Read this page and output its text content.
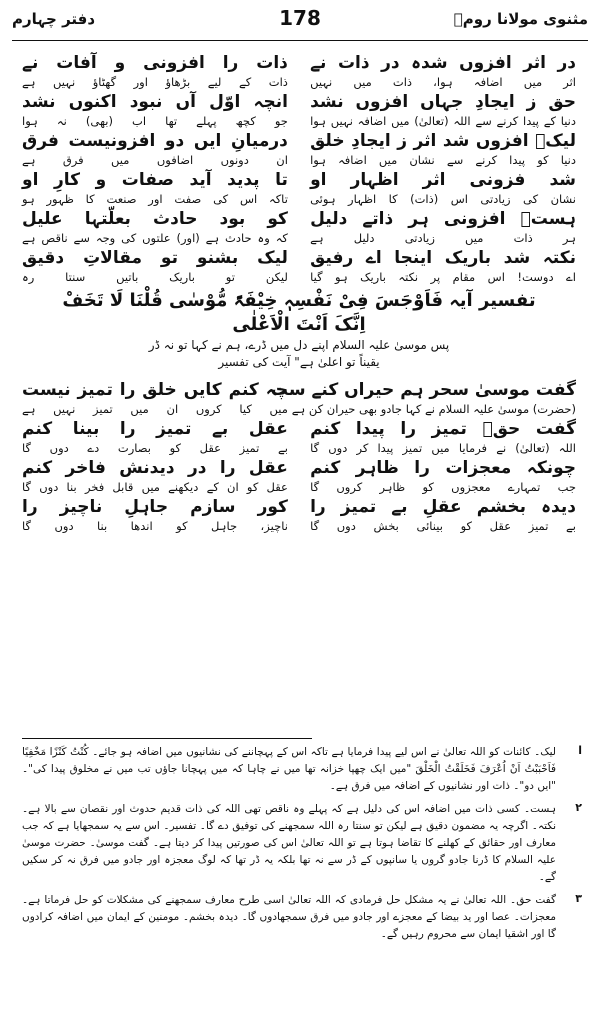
مثنوی مولانا رومؒ
178
دفتر چہارم
در اثر افزوں شدہ در ذات نے
اثر میں اضافہ ہوا، ذات میں نہیں
ذات را افزونی و آفات نے
ذات کے لیے بڑھاؤ اور گھٹاؤ نہیں ہے
حق ز ایجادِ جہاں افزوں نشد
دنیا کے پیدا کرنے سے اللہ (تعالیٰ) میں اضافہ نہیں ہوا
انچہ اوّل آں نبود اکنوں نشد
جو کچھ پہلے تھا اب (بھی) نہ ہوا
لیکؒ افزوں شد اثر ز ایجادِ خلق
دنیا کو پیدا کرنے سے نشان میں اضافہ ہوا
درمیانِ ایں دو افزونیست فرق
ان دونوں اضافوں میں فرق ہے
شد فزونی اثر اظہار او
نشان کی زیادتی اس (ذات) کا اظہار ہوئی
تا پدید آید صفات و کارِ او
تاکہ اس کی صفت اور صنعت کا ظہور ہو
ہستؒ افزونی ہر ذاتے دلیل
ہر ذات میں زیادتی دلیل ہے
کو بود حادث بعلّتہا علیل
کہ وہ حادث ہے (اور) علتوں کی وجہ سے ناقص ہے
نکتہ شد باریک اینجا اے رفیق
اے دوست! اس مقام پر نکتہ باریک ہو گیا
لیک بشنو تو مقالاتِ دقیق
لیکن تو باریک باتیں سنتا رہ
تفسیر آیہ فَاَوْجَسَ فِیْ نَفْسِہٖ خِیْفَۃً مُّوْسٰی قُلْنَا لَا تَخَفْ
اِنَّکَ اَنْتَ الْاَعْلٰی
پس موسیٰ علیہ السلام اپنے دل میں ڈرے، ہم نے کہا تو نہ ڈر
یقیناً تو اعلیٰ ہے" آیت کی تفسیر
گفت موسیٰ سحر ہم حیراں کنے ست
(حضرت) موسیٰ علیہ السلام نے کہا جادو بھی حیران کن ہے
چہ کنم کایں خلق را تمیز نیست
میں کیا کروں ان میں تمیز نہیں ہے
گفت حقؒ تمیز را پیدا کنم
اللہ (تعالیٰ) نے فرمایا میں تمیز پیدا کر دوں گا
عقل بے تمیز را بینا کنم
بے تمیز عقل کو بصارت دے دوں گا
چونکہ معجزات را ظاہر کنم
جب تمہارے معجزوں کو ظاہر کروں گا
عقل را در دیدنش فاخر کنم
عقل کو ان کے دیکھنے میں قابل فخر بنا دوں گا
دیدہ بخشم عقلِ بے تمیز را
بے تمیز عقل کو بینائی بخش دوں گا
کور سازم جاہلِ ناچیز را
ناچیز، جاہل کو اندھا بنا دوں گا
ا
لیک۔ کائنات کو اللہ تعالیٰ نے اس لیے پیدا فرمایا ہے تاکہ اس کے پہچاننے کی نشانیوں میں اضافہ ہو جائے۔ کُنْتُ کَنْزًا مَخْفِیًا فَاَحْبَبْتُ اَنْ اُعْرَفَ فَخَلَقْتُ الْخَلْقَ "میں ایک چھپا خزانہ تھا میں نے چاہا کہ میں پہچانا جاؤں تب میں نے مخلوق پیدا کی"۔ "ایں دو"۔ ذات اور نشانیوں کے اضافہ میں فرق ہے۔
۲
ہست۔ کسی ذات میں اضافہ اس کی دلیل ہے کہ پہلے وہ ناقص تھی اللہ کی ذات قدیم حدوث اور نقصان سے بالا ہے۔ نکتہ۔ اگرچہ یہ مضمون دقیق ہے لیکن تو سنتا رہ اللہ سمجھنے کی توفیق دے گا۔ تفسیر۔ اس سے یہ سمجھایا ہے کہ جب معارف اور حقائق کے کھلنے کا تقاضا ہوتا ہے تو اللہ تعالیٰ اس کی صورتیں پیدا کر دیتا ہے۔ گفت موسیٰ۔ حضرت موسیٰ علیہ السلام کا ڈرنا جادو گروں یا سانپوں کے ڈر سے نہ تھا بلکہ یہ ڈر تھا کہ لوگ معجزہ اور جادو میں فرق نہ کر سکیں گے۔
۳
گفت حق۔ اللہ تعالیٰ نے یہ مشکل حل فرمادی کہ اللہ تعالیٰ اسی طرح معارف سمجھنے کی مشکلات کو حل فرماتا ہے۔ معجزات۔ عصا اور ید بیضا کے معجزے اور جادو میں فرق سمجھادوں گا۔ دیدہ بخشم۔ مومنین کے ایمان میں اضافہ کرادوں گا اور اشقیا ایمان سے محروم رہیں گے۔
